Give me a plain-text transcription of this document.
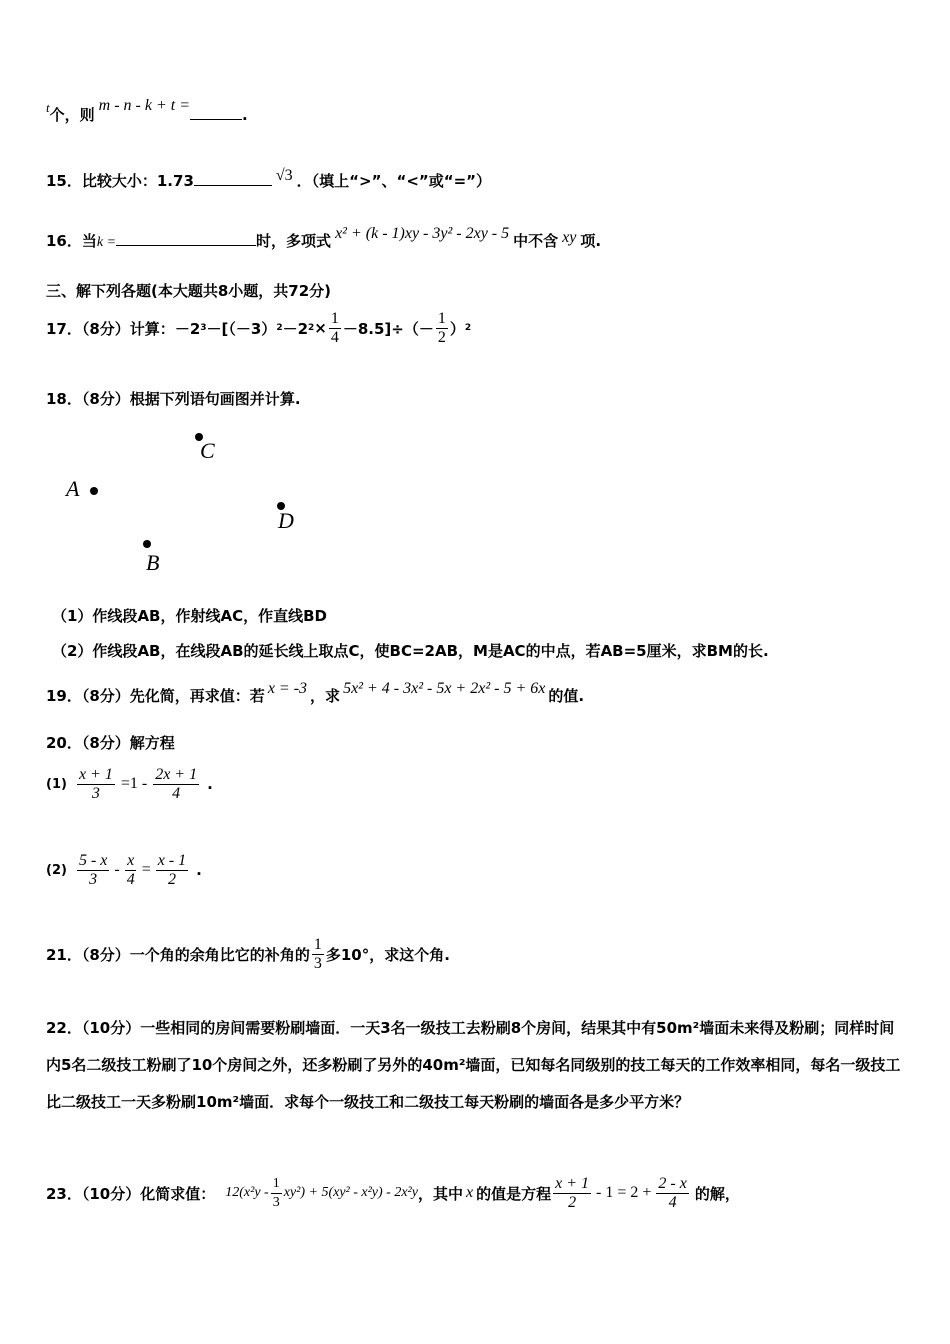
t个，则m - n - k + t =.
15．比较大小：1.73	√3 ．（填上“>”、“<”或“=”）
16．当k =	时，多项式 x² + (k - 1)xy - 3y² - 2xy - 5 中不含 xy 项.
三、解下列各题(本大题共8小题，共72分)
17．（8分）计算： －2 3 －[（－3） 2 －2 $2 \times \frac{1}{4} -8.5]\div(- \frac{1}{2}$ ） 2
18．（8分）根据下列语句画图并计算.
C
A
D
B
（1）作线段AB，作射线AC，作直线BD
（2）作线段AB，在线段AB的延长线上取点C，使BC=2AB，M是AC的中点，若AB=5厘米，求BM的长.
19．（8分）先化简，再求值：若 x = -3 ，求 5x² + 4 - 3x² - 5x + 2x² - 5 + 6x 的值.
20．（8分）解方程
$(1) \frac{x + 1}{3} =1 - \frac{2x + 1}{4}$ .
$(2) \frac{5 - x}{3} - \frac{x}{4} = \frac{x - 1}{2}$ .
21．（8分）一个角的余角比它的补角的 $\frac{1}{3}$ 多10°，求这个角.
22．（10分）一些相同的房间需要粉刷墙面．一天3名一级技工去粉刷8个房间，结果其中有50m²墙面未来得及粉刷；同样时间内5名二级技工粉刷了10个房间之外，还多粉刷了另外的40m²墙面，已知每名同级别的技工每天的工作效率相同，每名一级技工比二级技工一天多粉刷10m²墙面．求每个一级技工和二级技工每天粉刷的墙面各是多少平方米？
23．（10分）化简求值： $12(x^2y - \frac{1}{3} xy^2) + 5(xy^2 - x^2y) - 2x^2y$ ，其中 x 的值是方程 $\frac{x + 1}{2} - 1 = 2 + \frac{2 - x}{4}$ 的解，
